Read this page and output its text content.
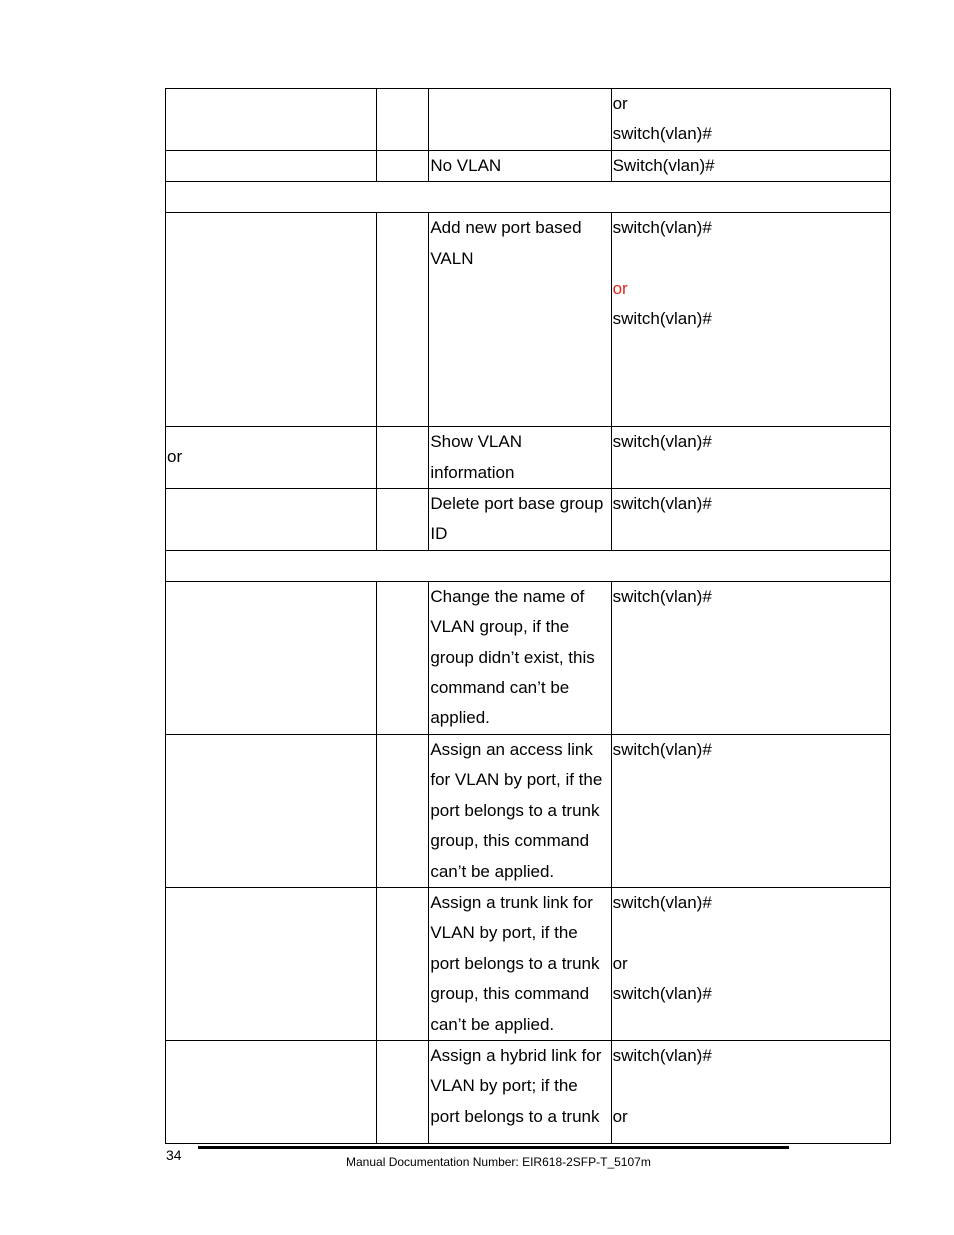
			or
switch(vlan)#

		No VLAN	Switch(vlan)#

		Add new port based VALN	switch(vlan)#
or
switch(vlan)#

or		Show VLAN information	switch(vlan)#

		Delete port base group ID	switch(vlan)#

		Change the name of VLAN group, if the group didn’t exist, this command can’t be applied.	switch(vlan)#

		Assign an access link for VLAN by port, if the port belongs to a trunk group, this command can’t be applied.	switch(vlan)#

		Assign a trunk link for VLAN by port, if the port belongs to a trunk group, this command can’t be applied.	switch(vlan)#
or
switch(vlan)#

		Assign a hybrid link for VLAN by port; if the port belongs to a trunk	switch(vlan)#
or
34	Manual Documentation Number: EIR618-2SFP-T_5107m
